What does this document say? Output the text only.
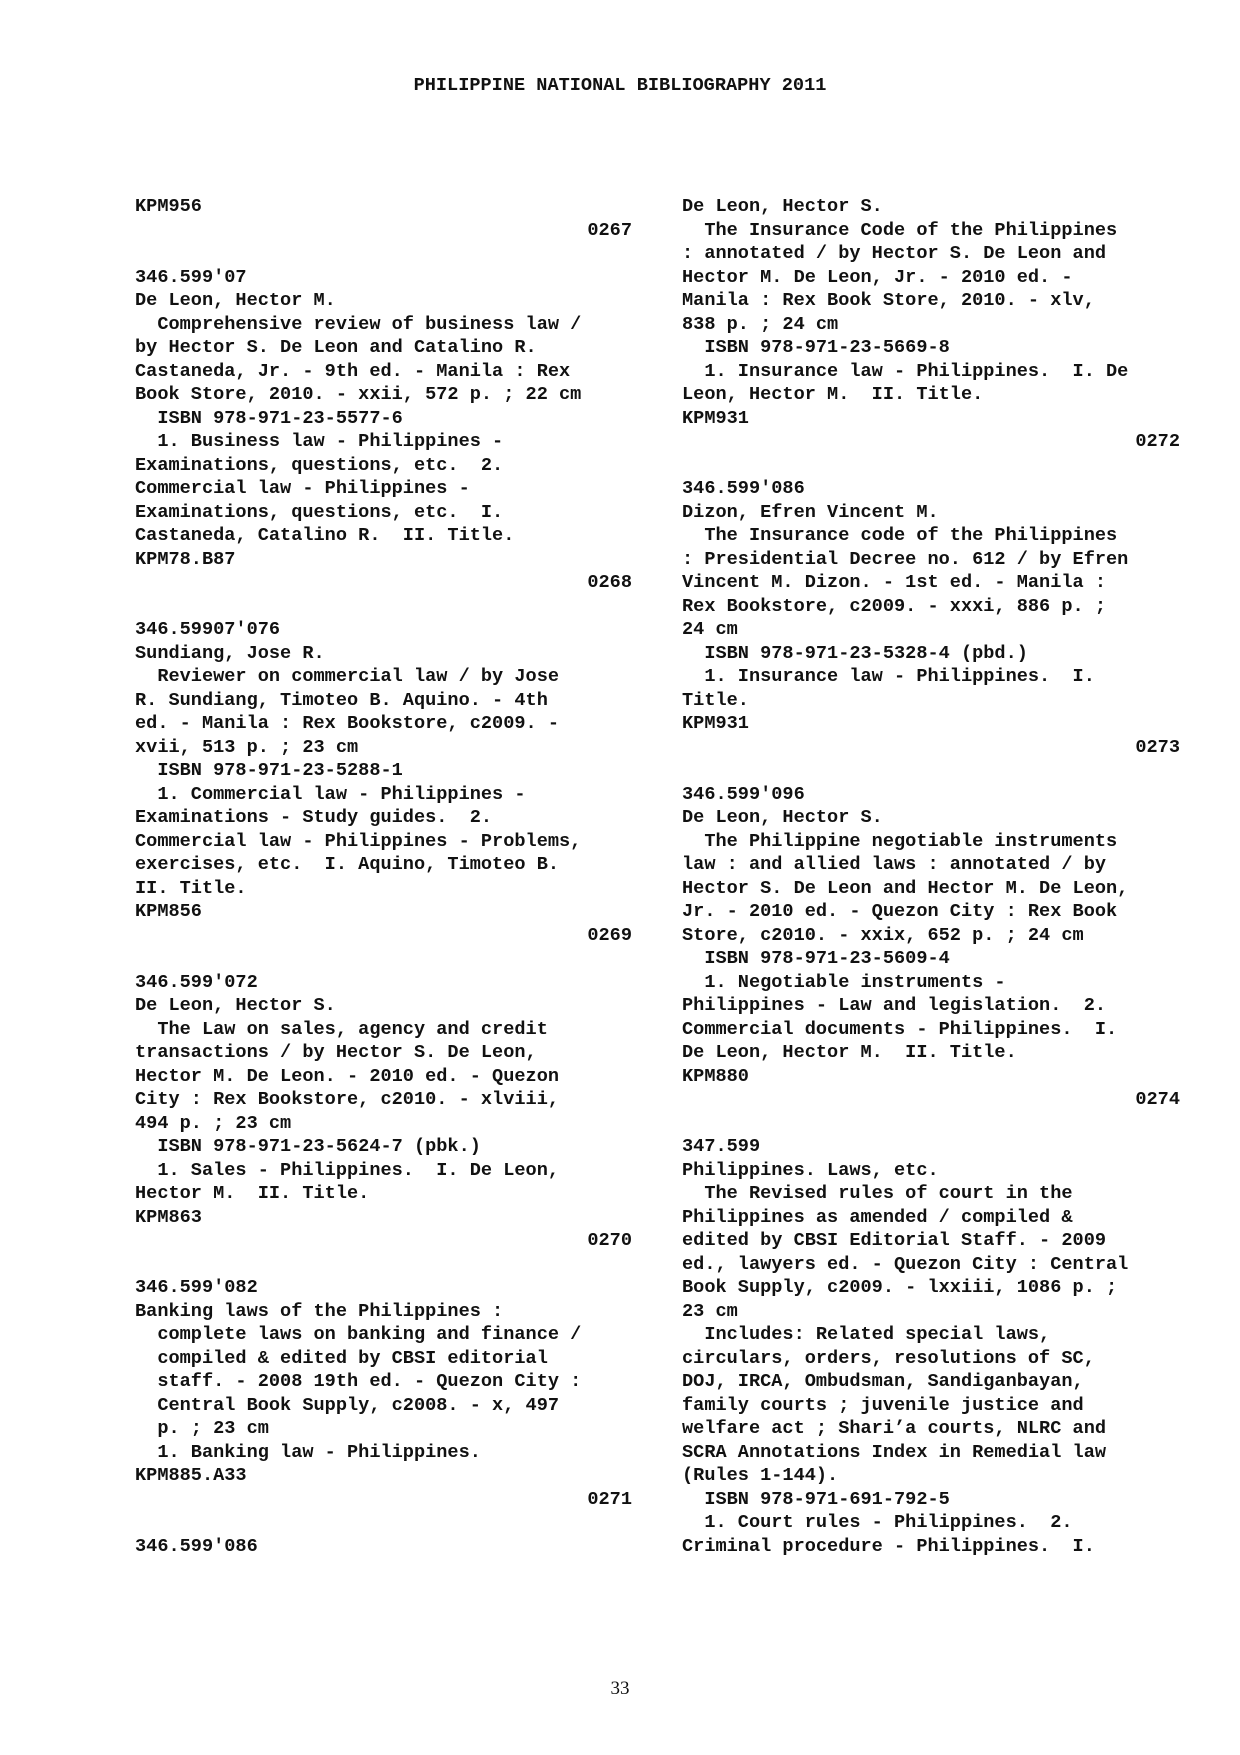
PHILIPPINE NATIONAL BIBLIOGRAPHY 2011
KPM956
0267
346.599'07
De Leon, Hector M.
Comprehensive review of business law /
by Hector S. De Leon and Catalino R.
Castaneda, Jr. - 9th ed. - Manila : Rex
Book Store, 2010. - xxii, 572 p. ; 22 cm
ISBN 978-971-23-5577-6
1. Business law - Philippines -
Examinations, questions, etc.  2.
Commercial law - Philippines -
Examinations, questions, etc.  I.
Castaneda, Catalino R.  II. Title.
KPM78.B87
0268
346.59907'076
Sundiang, Jose R.
Reviewer on commercial law / by Jose
R. Sundiang, Timoteo B. Aquino. - 4th
ed. - Manila : Rex Bookstore, c2009. -
xvii, 513 p. ; 23 cm
ISBN 978-971-23-5288-1
1. Commercial law - Philippines -
Examinations - Study guides.  2.
Commercial law - Philippines - Problems,
exercises, etc.  I. Aquino, Timoteo B.
II. Title.
KPM856
0269
346.599'072
De Leon, Hector S.
The Law on sales, agency and credit
transactions / by Hector S. De Leon,
Hector M. De Leon. - 2010 ed. - Quezon
City : Rex Bookstore, c2010. - xlviii,
494 p. ; 23 cm
ISBN 978-971-23-5624-7 (pbk.)
1. Sales - Philippines.  I. De Leon,
Hector M.  II. Title.
KPM863
0270
346.599'082
Banking laws of the Philippines :
complete laws on banking and finance /
compiled & edited by CBSI editorial
staff. - 2008 19th ed. - Quezon City :
Central Book Supply, c2008. - x, 497
p. ; 23 cm
1. Banking law - Philippines.
KPM885.A33
0271
346.599'086
De Leon, Hector S.
The Insurance Code of the Philippines
: annotated / by Hector S. De Leon and
Hector M. De Leon, Jr. - 2010 ed. -
Manila : Rex Book Store, 2010. - xlv,
838 p. ; 24 cm
ISBN 978-971-23-5669-8
1. Insurance law - Philippines.  I. De
Leon, Hector M.  II. Title.
KPM931
0272
346.599'086
Dizon, Efren Vincent M.
The Insurance code of the Philippines
: Presidential Decree no. 612 / by Efren
Vincent M. Dizon. - 1st ed. - Manila :
Rex Bookstore, c2009. - xxxi, 886 p. ;
24 cm
ISBN 978-971-23-5328-4 (pbd.)
1. Insurance law - Philippines.  I.
Title.
KPM931
0273
346.599'096
De Leon, Hector S.
The Philippine negotiable instruments
law : and allied laws : annotated / by
Hector S. De Leon and Hector M. De Leon,
Jr. - 2010 ed. - Quezon City : Rex Book
Store, c2010. - xxix, 652 p. ; 24 cm
ISBN 978-971-23-5609-4
1. Negotiable instruments -
Philippines - Law and legislation.  2.
Commercial documents - Philippines.  I.
De Leon, Hector M.  II. Title.
KPM880
0274
347.599
Philippines. Laws, etc.
The Revised rules of court in the
Philippines as amended / compiled &
edited by CBSI Editorial Staff. - 2009
ed., lawyers ed. - Quezon City : Central
Book Supply, c2009. - lxxiii, 1086 p. ;
23 cm
Includes: Related special laws,
circulars, orders, resolutions of SC,
DOJ, IRCA, Ombudsman, Sandiganbayan,
family courts ; juvenile justice and
welfare act ; Shari’a courts, NLRC and
SCRA Annotations Index in Remedial law
(Rules 1-144).
ISBN 978-971-691-792-5
1. Court rules - Philippines.  2.
Criminal procedure - Philippines.  I.
33
